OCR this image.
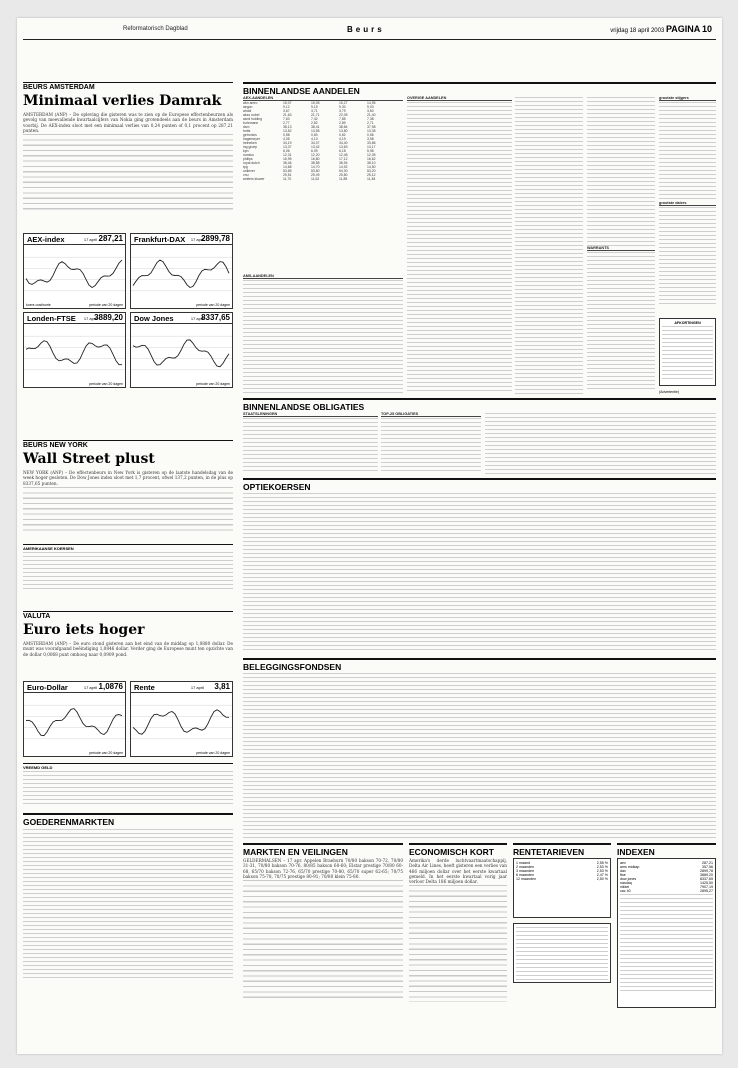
Reformatorisch Dagblad	Beurs	vrijdag 18 april 2003 PAGINA 10
BEURS AMSTERDAM
Minimaal verlies Damrak
AMSTERDAM (ANP) – De opleving die gisteren was te zien op de Europese effectenbeurzen als gevolg van meevallende kwartaalcijfers van Nokia ging grotendeels aan de beurs in Amsterdam voorbij. De AEX-index sloot met een minimaal verlies van 0,24 punten of 0,1 procent op 287,21 punten.
AEX-index	17 april 287,21
koers oostinurie	periode van 20 dagen
Frankfurt-DAX 17 april
2899,78
periode van 20 dagen
Londen-FTSE 17 april
3889,20
periode van 20 dagen
Dow Jones	17 april
8337,65
periode van 20 dagen
BEURS NEW YORK
Wall Street plust
NEW YORK (ANP) – De effectenbeurs in New York is gisteren op de laatste handelsdag van de week hoger gesloten. De Dow Jones index sloot met 1,7 procent, ofwel 137,2 punten, in de plus op 8337,65 punten.
AMERIKAANSE KOERSEN
VALUTA
Euro iets hoger
AMSTERDAM (ANP) – De euro stond gisteren aan het eind van de middag op 1,0880 dollar. De munt was voorafgaand beëindiging 1,0846 dollar. Verder ging de Europese munt ten opzichte van de dollar 0,0068 punt omhoog naar 0,0909 pond.
Euro-Dollar	17 april 1,0876
periode van 20 dagen
Rente	17 april 3,81
periode van 20 dagen
VREEMD GELD
GOEDERENMARKTEN
BINNENLANDSE AANDELEN
AEX-AANDELEN
abn amro	15,07	15,05	15,27	14,95
aegon	9,12	9,19	9,30	9,03
ahold	3,67	3,71	3,79	3,60
akzo nobel	21,63	21,71	22,05	21,40
asml holding	7,63	7,42	7,85	7,38
buhrmann	2,77	2,82	2,89	2,71
dsm	38,13	38,41	38,84	37,98
fortis	13,52	13,55	13,80	13,35
getronics	0,58	0,60	0,62	0,56
hagemeyer	4,05	4,13	4,19	3,98
heineken	34,19	34,07	34,40	33,86
ing groep	13,37	13,42	13,63	13,17
kpn	6,06	6,09	6,18	5,98
numico	12,31	12,20	12,48	12,05
philips	16,95	16,80	17,12	16,62
royal dutch	38,46	38,58	38,94	38,10
tpg	14,68	14,70	14,92	14,50
unilever	53,65	53,80	54,30	53,20
vnu	25,51	25,49	25,80	25,12
wolters kluwer	11,70	11,62	11,85	11,48
AMS-AANDELEN
OVERIGE AANDELEN
WARRANTS
grootste stijgers
grootste dalers
AFKORTINGEN
(Advertentie)
BINNENLANDSE OBLIGATIES
STAATSLENINGEN	TOP-25 OBLIGATIES
OPTIEKOERSEN
BELEGGINGSFONDSEN
MARKTEN EN VEILINGEN
GELDERMALSEN – 17 apr. Appelen Braeburn 70/80 bakson 70-72, 70/80 31-31, 70/80 bakson 70-76, 80/85 bakson 60-60; Elstar prestige 70/80 60-68, 65/70 bakson 72-76, 65/70 prestige 70-80, 65/70 super 62-65; 70/75 bakson 75-78, 70/75 prestige 80-91; 70/80 klein 75-80.
ECONOMISCH KORT
Amerika's derde luchtvaartmaatschappij, Delta Air Lines, heeft gisteren een verlies van 466 miljoen dollar over het eerste kwartaal gemeld. In het eerste kwartaal vorig jaar verloor Delta 186 miljoen dollar.
RENTETARIEVEN
1 maand	2,55 %
2 maanden	2,53 %
3 maanden	2,53 %
6 maanden	2,47 %
12 maanden	2,50 %
INDEXEN
aex	287,21
ams midkap	357,56
dax	2899,78
ftse	3889,20
dow jones	8337,65
nasdaq	1425,50
nikkei	7907,19
cac 40	2895,27
